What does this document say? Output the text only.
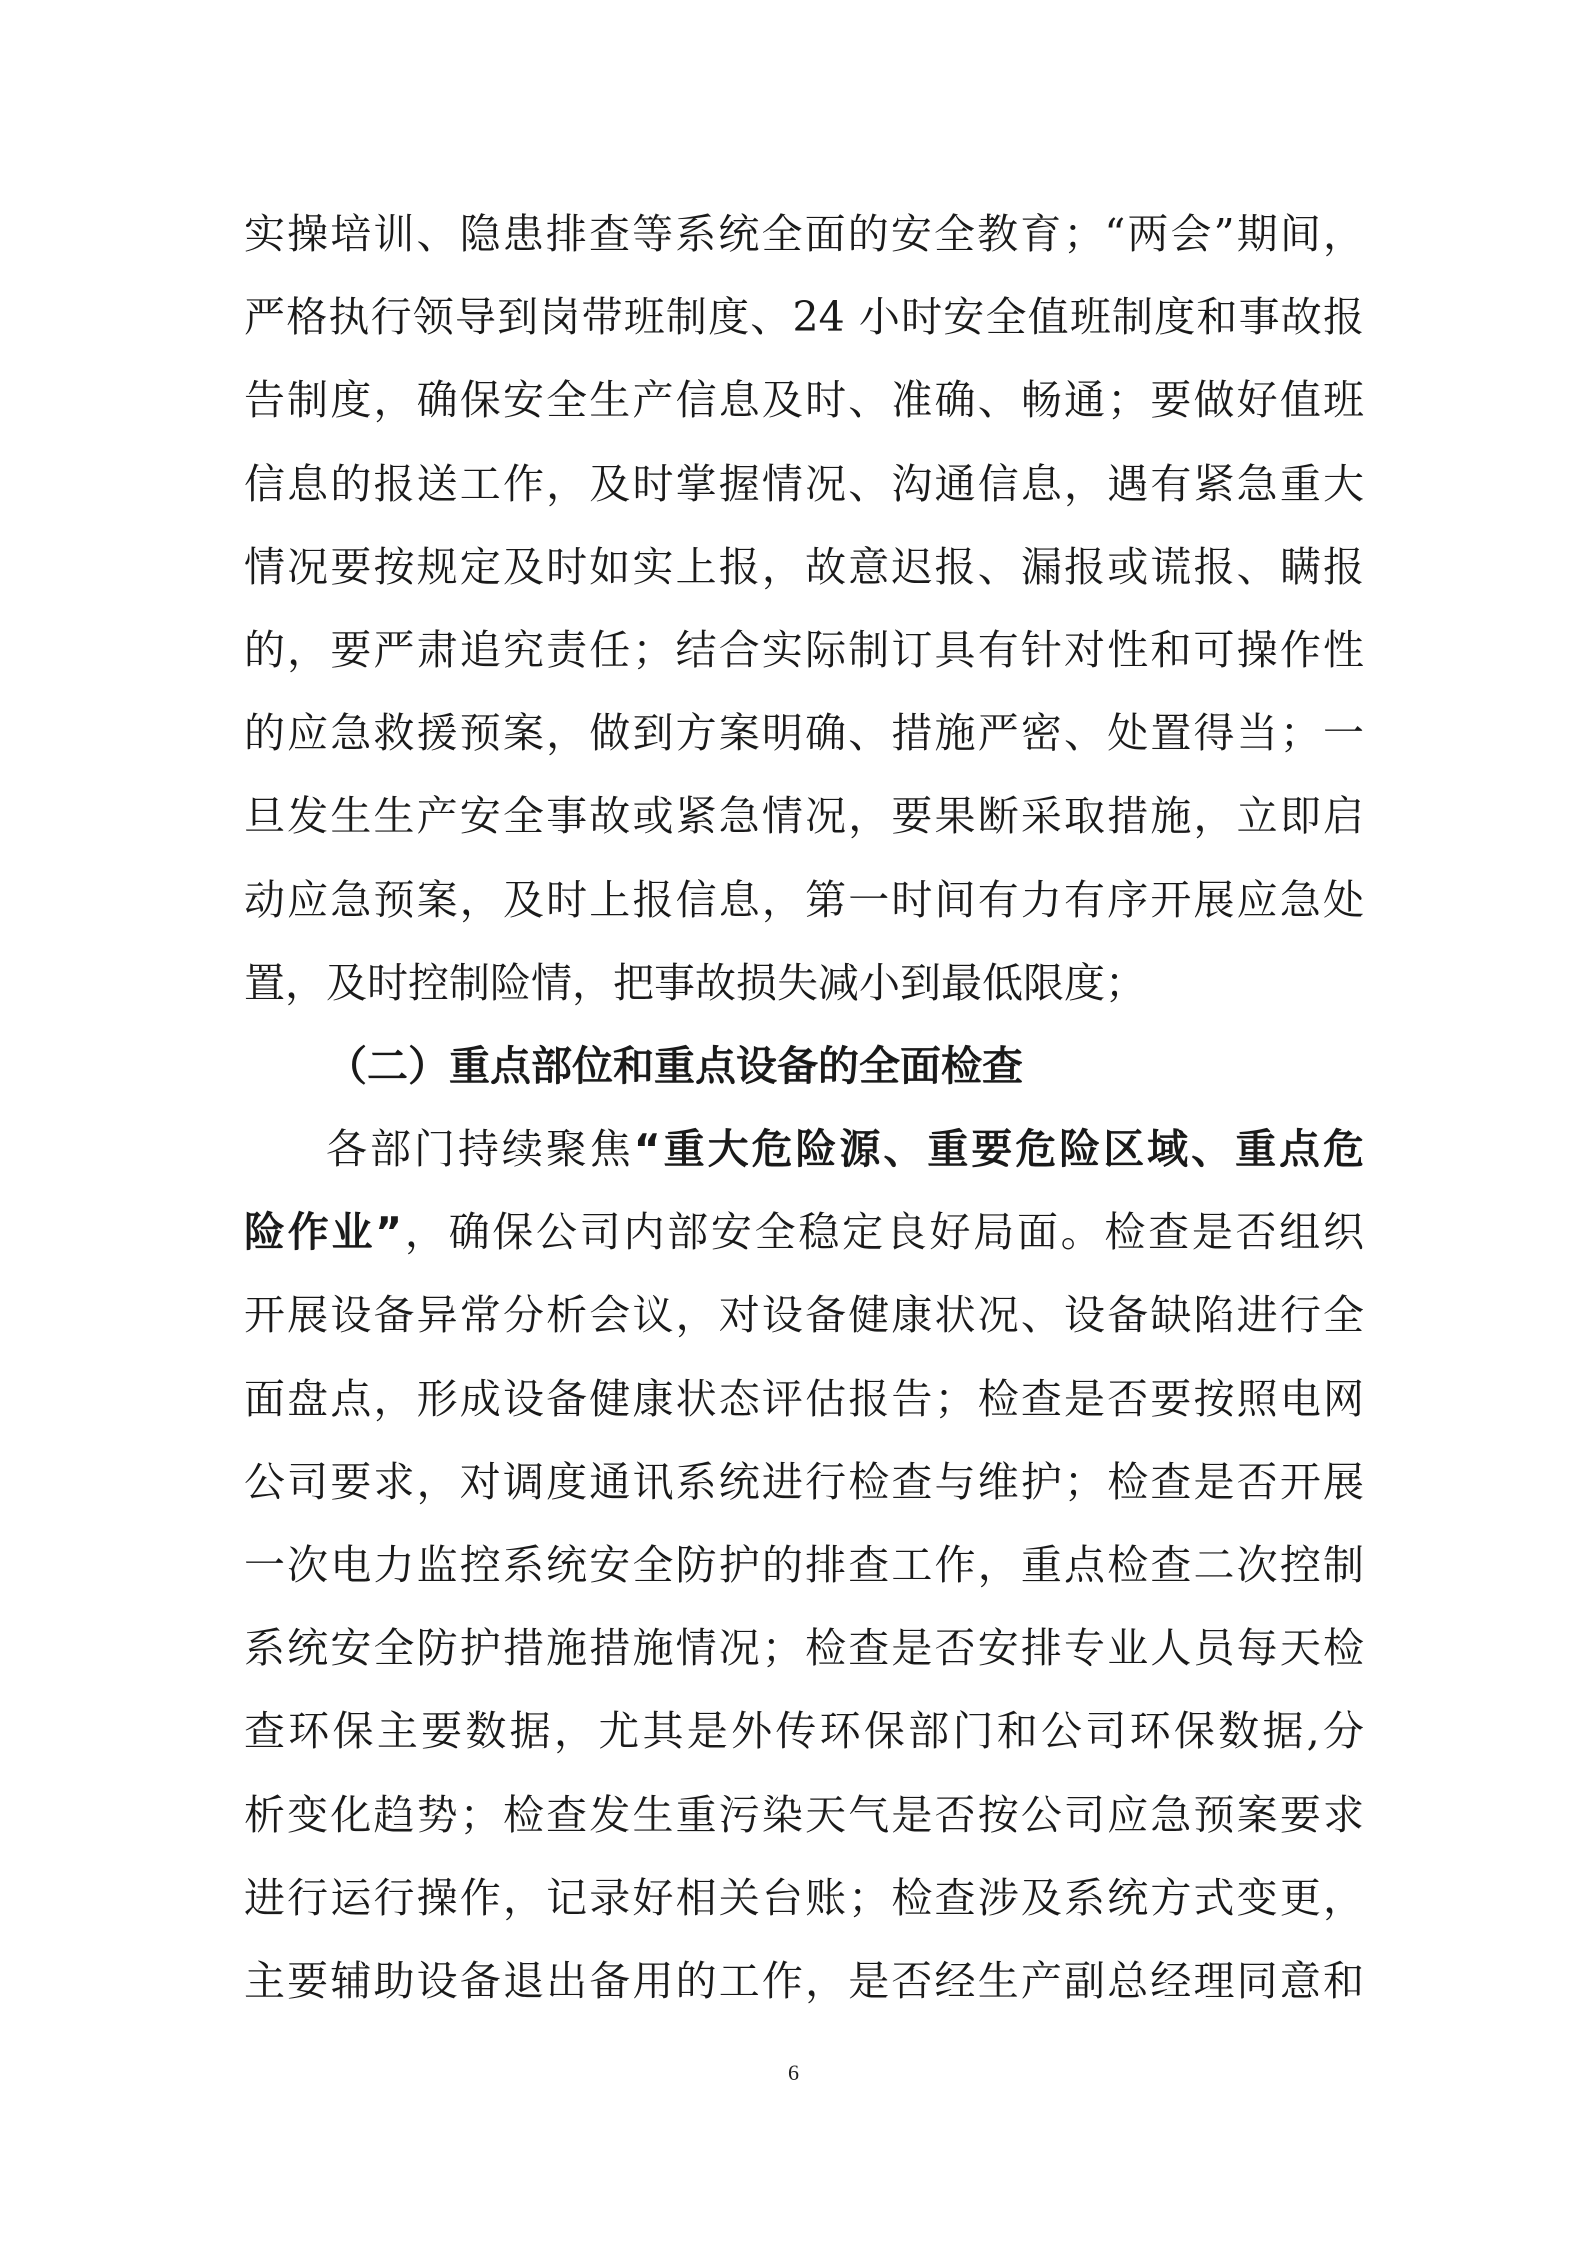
实操培训、隐患排查等系统全面的安全教育；“两会”期间，
严格执行领导到岗带班制度、24 小时安全值班制度和事故报
告制度，确保安全生产信息及时、准确、畅通；要做好值班
信息的报送工作，及时掌握情况、沟通信息，遇有紧急重大
情况要按规定及时如实上报，故意迟报、漏报或谎报、瞒报
的，要严肃追究责任；结合实际制订具有针对性和可操作性
的应急救援预案，做到方案明确、措施严密、处置得当；一
旦发生生产安全事故或紧急情况，要果断采取措施，立即启
动应急预案，及时上报信息，第一时间有力有序开展应急处
置，及时控制险情，把事故损失减小到最低限度；
（二）重点部位和重点设备的全面检查
各部门持续聚焦“重大危险源、重要危险区域、重点危
险作业”，确保公司内部安全稳定良好局面。检查是否组织
开展设备异常分析会议，对设备健康状况、设备缺陷进行全
面盘点，形成设备健康状态评估报告；检查是否要按照电网
公司要求，对调度通讯系统进行检查与维护；检查是否开展
一次电力监控系统安全防护的排查工作，重点检查二次控制
系统安全防护措施措施情况；检查是否安排专业人员每天检
查环保主要数据，尤其是外传环保部门和公司环保数据,分
析变化趋势；检查发生重污染天气是否按公司应急预案要求
进行运行操作，记录好相关台账；检查涉及系统方式变更，
主要辅助设备退出备用的工作，是否经生产副总经理同意和
6
